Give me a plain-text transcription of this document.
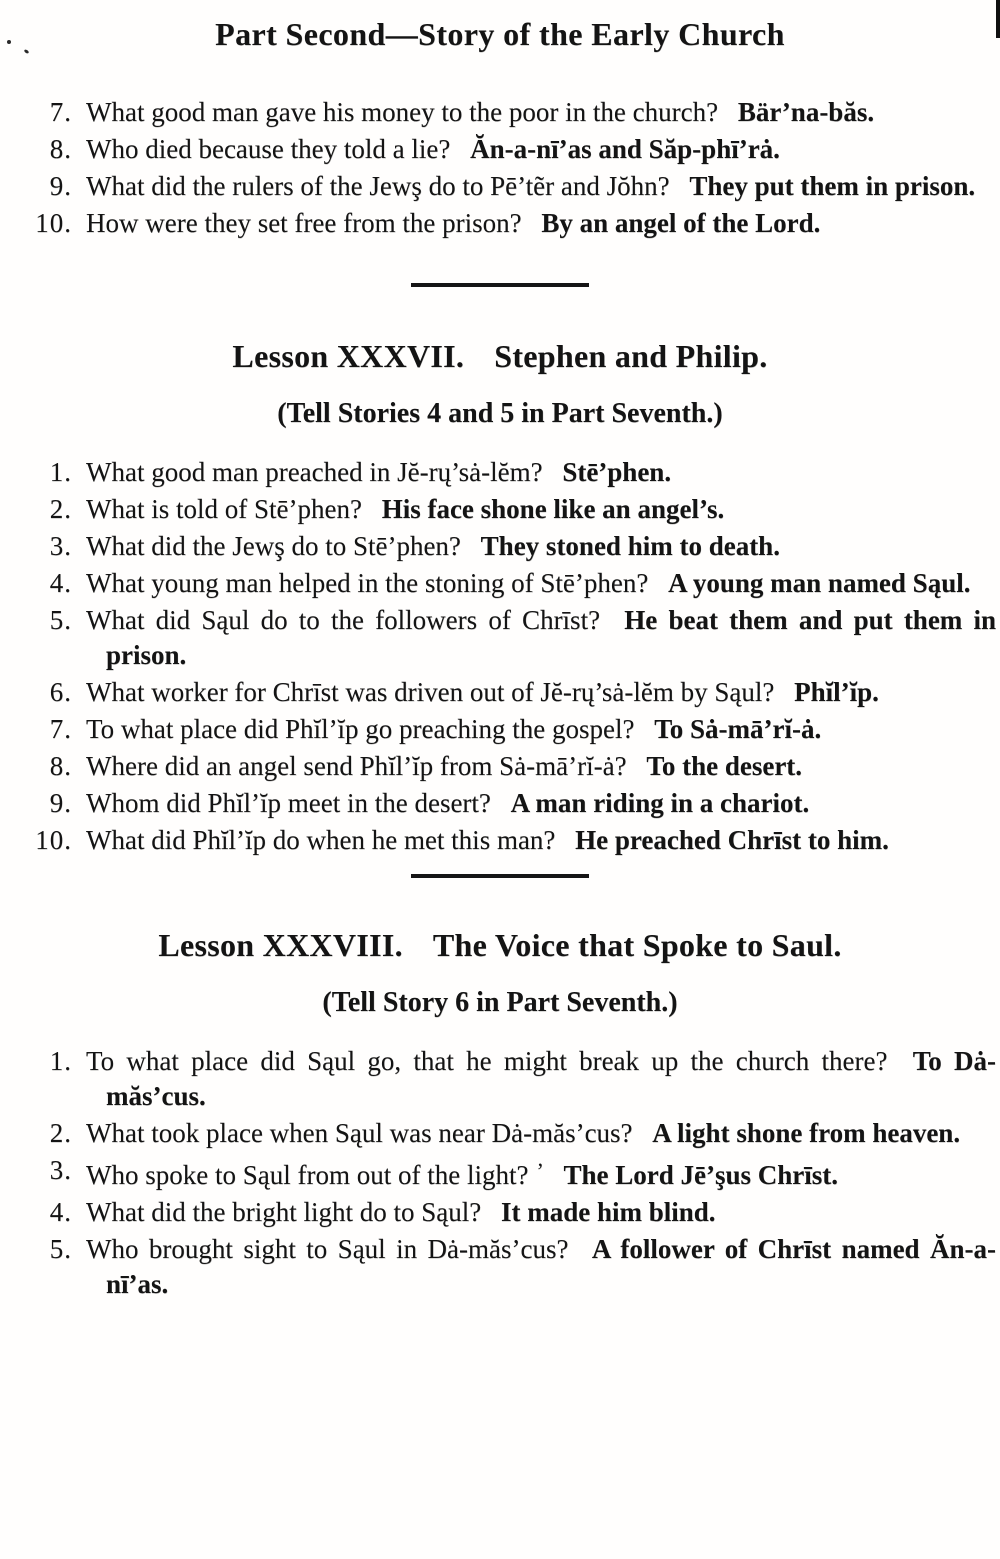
Part Second—Story of the Early Church
7. What good man gave his money to the poor in the church? Bär’na-băs.
8. Who died because they told a lie? Ăn-a-nī’as and Săp-phī’rȧ.
9. What did the rulers of the Jewş do to Pē’tẽr and Jŏhn? They put them in prison.
10. How were they set free from the prison? By an angel of the Lord.
Lesson XXXVII. Stephen and Philip.
(Tell Stories 4 and 5 in Part Seventh.)
1. What good man preached in Jĕ-rų’sȧ-lĕm? Stē’phen.
2. What is told of Stē’phen? His face shone like an angel’s.
3. What did the Jewş do to Stē’phen? They stoned him to death.
4. What young man helped in the stoning of Stē’phen? A young man named Sąul.
5. What did Sąul do to the followers of Chrīst? He beat them and put them in prison.
6. What worker for Chrīst was driven out of Jĕ-rų’sȧ-lĕm by Sąul? Phĭl’ĭp.
7. To what place did Phĭl’ĭp go preaching the gospel? To Sȧ-mā’rĭ-ȧ.
8. Where did an angel send Phĭl’ĭp from Sȧ-mā’rĭ-ȧ? To the desert.
9. Whom did Phĭl’ĭp meet in the desert? A man riding in a chariot.
10. What did Phĭl’ĭp do when he met this man? He preached Chrīst to him.
Lesson XXXVIII. The Voice that Spoke to Saul.
(Tell Story 6 in Part Seventh.)
1. To what place did Sąul go, that he might break up the church there? To Dȧ-măs’cus.
2. What took place when Sąul was near Dȧ-măs’cus? A light shone from heaven.
3. Who spoke to Sąul from out of the light? ’ The Lord Jē’şus Chrīst.
4. What did the bright light do to Sąul? It made him blind.
5. Who brought sight to Sąul in Dȧ-măs’cus? A follower of Chrīst named Ăn-a-nī’as.
